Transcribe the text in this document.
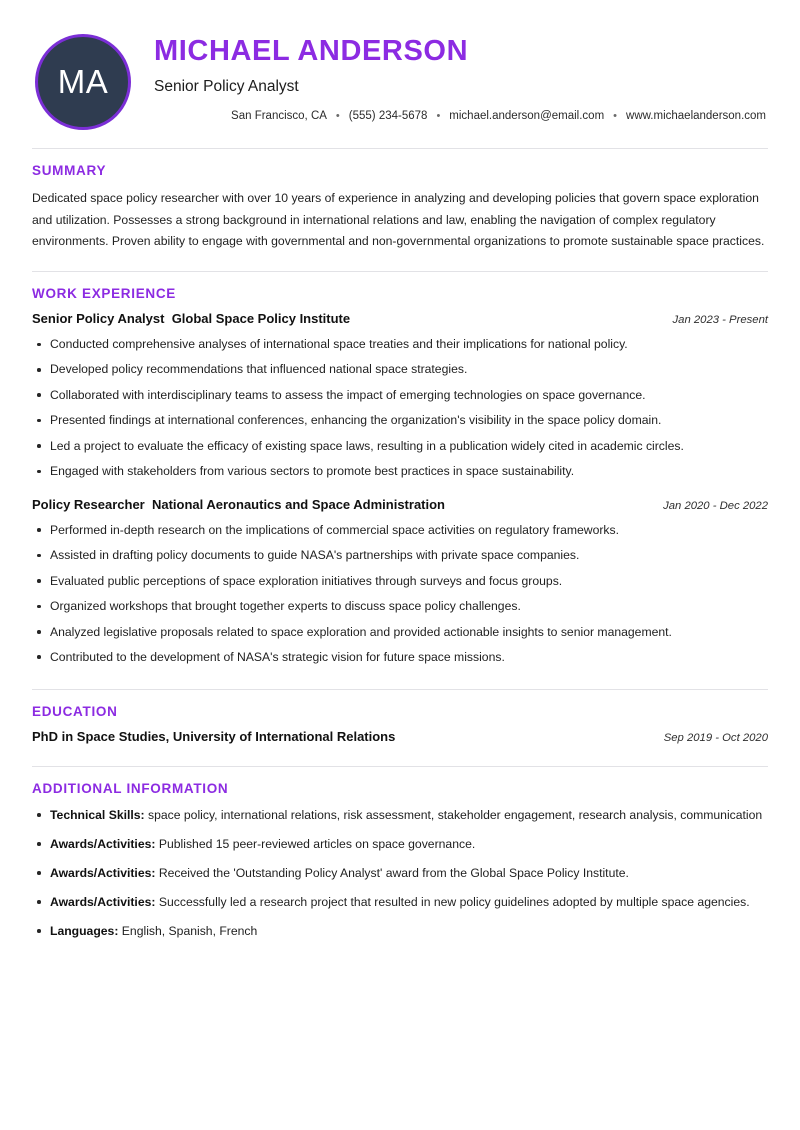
MA
MICHAEL ANDERSON
Senior Policy Analyst
San Francisco, CA • (555) 234-5678 • michael.anderson@email.com • www.michaelanderson.com
SUMMARY

Dedicated space policy researcher with over 10 years of experience in analyzing and developing policies that govern space exploration and utilization. Possesses a strong background in international relations and law, enabling the navigation of complex regulatory environments. Proven ability to engage with governmental and non-governmental organizations to promote sustainable space practices.

WORK EXPERIENCE
Senior Policy Analyst Global Space Policy Institute	Jan 2023 - Present
Conducted comprehensive analyses of international space treaties and their implications for national policy.
Developed policy recommendations that influenced national space strategies.
Collaborated with interdisciplinary teams to assess the impact of emerging technologies on space governance.
Presented findings at international conferences, enhancing the organization's visibility in the space policy domain.
Led a project to evaluate the efficacy of existing space laws, resulting in a publication widely cited in academic circles.
Engaged with stakeholders from various sectors to promote best practices in space sustainability.
Policy Researcher National Aeronautics and Space Administration	Jan 2020 - Dec 2022
Performed in-depth research on the implications of commercial space activities on regulatory frameworks.
Assisted in drafting policy documents to guide NASA's partnerships with private space companies.
Evaluated public perceptions of space exploration initiatives through surveys and focus groups.
Organized workshops that brought together experts to discuss space policy challenges.
Analyzed legislative proposals related to space exploration and provided actionable insights to senior management.
Contributed to the development of NASA's strategic vision for future space missions.
EDUCATION
PhD in Space Studies, University of International Relations	Sep 2019 - Oct 2020
ADDITIONAL INFORMATION
Technical Skills: space policy, international relations, risk assessment, stakeholder engagement, research analysis, communication
Awards/Activities: Published 15 peer-reviewed articles on space governance.
Awards/Activities: Received the 'Outstanding Policy Analyst' award from the Global Space Policy Institute.
Awards/Activities: Successfully led a research project that resulted in new policy guidelines adopted by multiple space agencies.
Languages: English, Spanish, French
